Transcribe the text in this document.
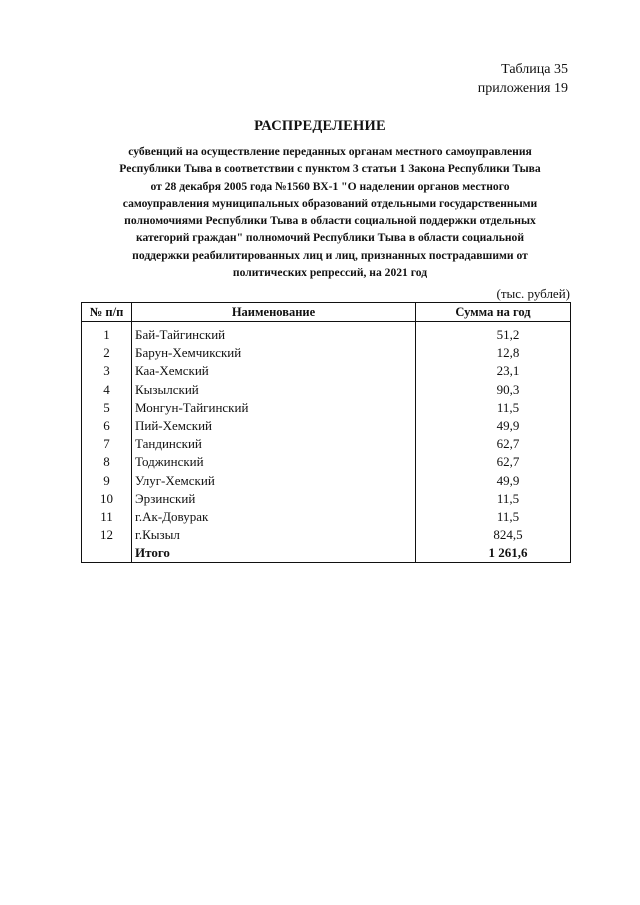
Таблица 35
приложения 19
РАСПРЕДЕЛЕНИЕ
субвенций на осуществление переданных органам местного самоуправления
Республики Тыва в соответствии с пунктом 3 статьи 1 Закона Республики Тыва
от 28 декабря 2005 года №1560 ВХ-1 "О наделении органов местного
самоуправления муниципальных образований отдельными государственными
полномочиями Республики Тыва в области социальной поддержки отдельных
категорий граждан" полномочий Республики Тыва в области социальной
поддержки реабилитированных лиц и лиц, признанных пострадавшими от
политических репрессий, на 2021 год
(тыс. рублей)
№ п/п	Наименование	Сумма на год
1	Бай-Тайгинский	51,2
2	Барун-Хемчикский	12,8
3	Каа-Хемский	23,1
4	Кызылский	90,3
5	Монгун-Тайгинский	11,5
6	Пий-Хемский	49,9
7	Тандинский	62,7
8	Тоджинский	62,7
9	Улуг-Хемский	49,9
10	Эрзинский	11,5
11	г.Ак-Довурак	11,5
12	г.Кызыл	824,5
	Итого	1 261,6
